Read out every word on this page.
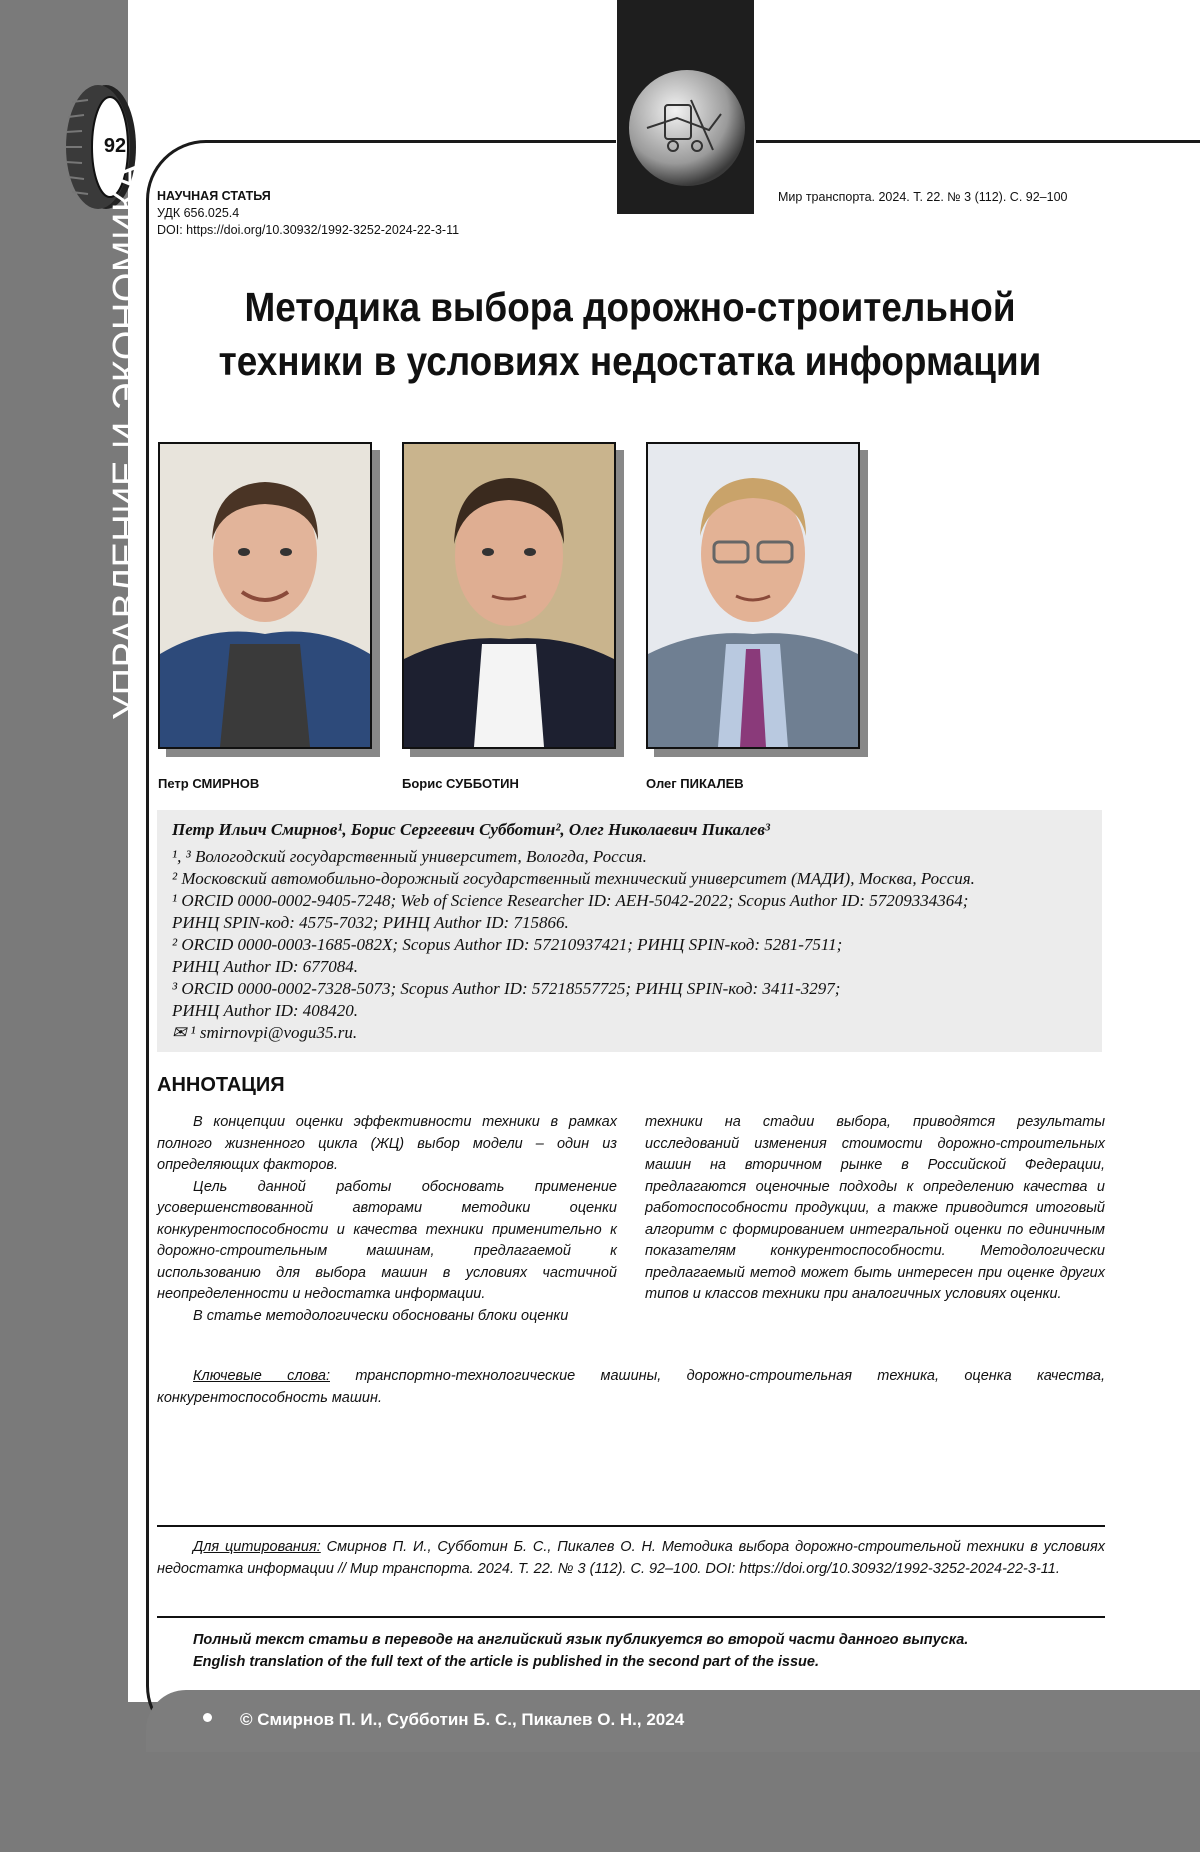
© Смирнов П. И., Субботин Б. С., Пикалев О. Н., 2024
92
УПРАВЛЕНИЕ И ЭКОНОМИКА НАУЧНАЯ СТАТЬЯ
УДК 656.025.4
DOI: https://doi.org/10.30932/1992-3252-2024-22-3-11
Мир транспорта. 2024. Т. 22. № 3 (112). С. 92–100
Методика выбора дорожно-строительной
техники в условиях недостатка информации
Петр СМИРНОВ	Борис СУББОТИН	Олег ПИКАЛЕВ
Петр Ильич Смирнов¹, Борис Сергеевич Субботин², Олег Николаевич Пикалев³
¹, ³ Вологодский государственный университет, Вологда, Россия.
² Московский автомобильно-дорожный государственный технический университет (МАДИ), Москва, Россия.
¹ ORCID 0000-0002-9405-7248; Web of Science Researcher ID: AEH-5042-2022; Scopus Author ID: 57209334364;
РИНЦ SPIN-код: 4575-7032; РИНЦ Author ID: 715866.
² ORCID 0000-0003-1685-082X; Scopus Author ID: 57210937421; РИНЦ SPIN-код: 5281-7511;
РИНЦ Author ID: 677084.
³ ORCID 0000-0002-7328-5073; Scopus Author ID: 57218557725; РИНЦ SPIN-код: 3411-3297;
РИНЦ Author ID: 408420.
✉ ¹ smirnovpi@vogu35.ru.
АННОТАЦИЯ

В концепции оценки эффективности техники в рамках полного жизненного цикла (ЖЦ) выбор модели – один из определяющих факторов.

Цель данной работы обосновать применение усовершенствованной авторами методики оценки конкурентоспособности и качества техники применительно к дорожно-строительным машинам, предлагаемой к использованию для выбора машин в условиях частичной неопределенности и недостатка информации.

В статье методологически обоснованы блоки оценки

техники на стадии выбора, приводятся результаты исследований изменения стоимости дорожно-строительных машин на вторичном рынке в Российской Федерации, предлагаются оценочные подходы к определению качества и работоспособности продукции, а также приводится итоговый алгоритм с формированием интегральной оценки по единичным показателям конкурентоспособности. Методологически предлагаемый метод может быть интересен при оценке других типов и классов техники при аналогичных условиях оценки.

Ключевые слова: транспортно-технологические машины, дорожно-строительная техника, оценка качества, конкурентоспособность машин.
Для цитирования: Смирнов П. И., Субботин Б. С., Пикалев О. Н. Методика выбора дорожно-строительной техники в условиях недостатка информации // Мир транспорта. 2024. Т. 22. № 3 (112). С. 92–100. DOI: https://doi.org/10.30932/1992-3252-2024-22-3-11.
Полный текст статьи в переводе на английский язык публикуется во второй части данного выпуска.
English translation of the full text of the article is published in the second part of the issue.
